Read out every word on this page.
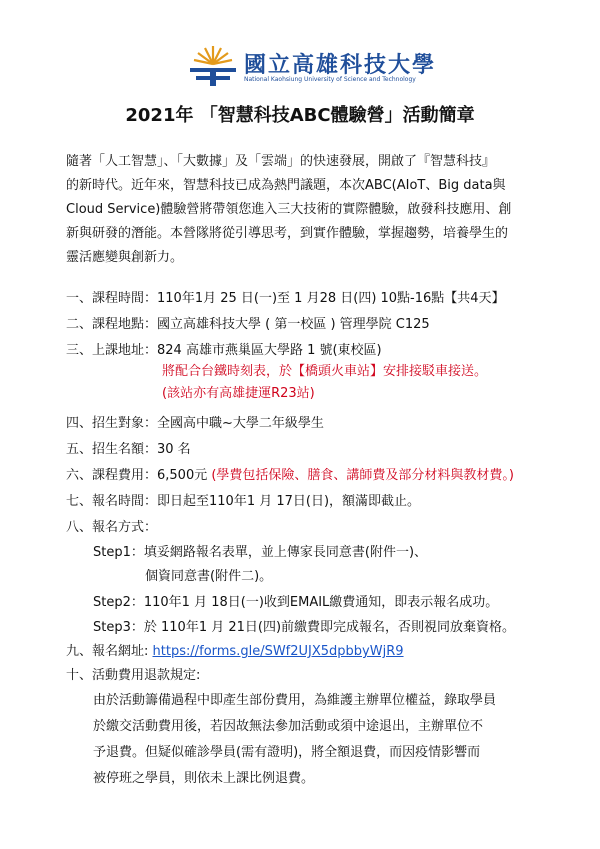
國立高雄科技大學
National Kaohsiung University of Science and Technology
2021年 「智慧科技ABC體驗營」活動簡章

隨著「人工智慧」、「大數據」及「雲端」的快速發展，開啟了『智慧科技』

的新時代。近年來，智慧科技已成為熱門議題，本次ABC(AIoT、Big data與

Cloud Service)體驗營將帶領您進入三大技術的實際體驗，啟發科技應用、創

新與研發的潛能。本營隊將從引導思考，到實作體驗，掌握趨勢，培養學生的

靈活應變與創新力。

一、課程時間：110年1月 25 日(一)至 1 月28 日(四) 10點-16點【共4天】
二、課程地點：國立高雄科技大學 ( 第一校區 ) 管理學院 C125
三、上課地址：824 高雄市燕巢區大學路 1 號(東校區)
將配合台鐵時刻表，於【橋頭火車站】安排接駁車接送。
(該站亦有高雄捷運R23站)
四、招生對象：全國高中職~大學二年級學生
五、招生名額：30 名
六、課程費用：6,500元 (學費包括保險、膳食、講師費及部分材料與教材費。)
七、報名時間：即日起至110年1 月 17日(日)，額滿即截止。
八、報名方式：
Step1：填妥網路報名表單，並上傳家長同意書(附件一)、
個資同意書(附件二)。
Step2：110年1 月 18日(一)收到EMAIL繳費通知，即表示報名成功。
Step3：於 110年1 月 21日(四)前繳費即完成報名，否則視同放棄資格。
九、報名網址: https://forms.gle/SWf2UJX5dpbbyWjR9
十、活動費用退款規定:
由於活動籌備過程中即產生部份費用，為維護主辦單位權益，錄取學員
於繳交活動費用後，若因故無法參加活動或須中途退出，主辦單位不
予退費。但疑似確診學員(需有證明)，將全額退費，而因疫情影響而
被停班之學員，則依未上課比例退費。
